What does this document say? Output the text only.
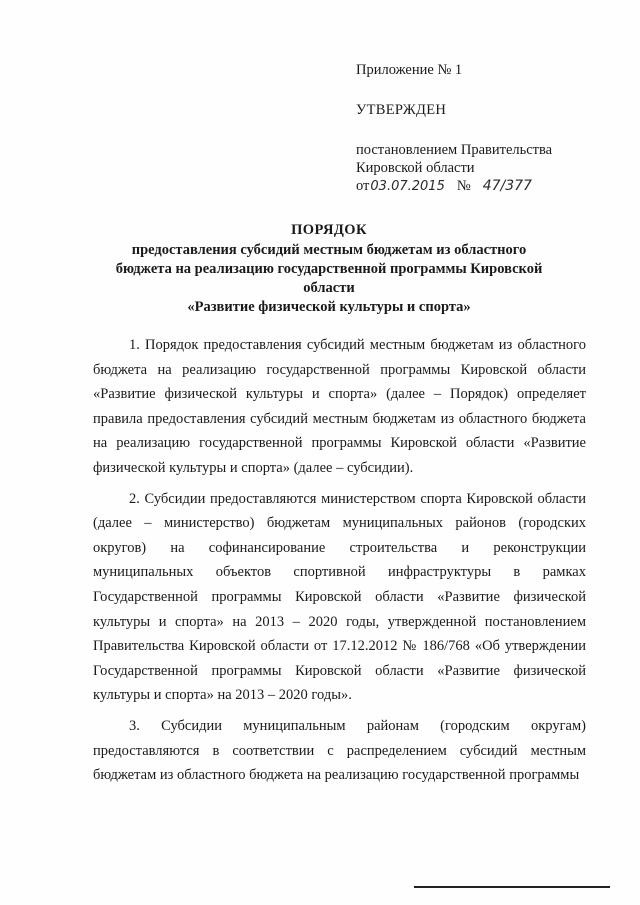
Приложение № 1
УТВЕРЖДЕН
постановлением Правительства
Кировской области
от03.07.2015 № 47/377
ПОРЯДОК
предоставления субсидий местным бюджетам из областного
бюджета на реализацию государственной программы Кировской области
«Развитие физической культуры и спорта»

1. Порядок предоставления субсидий местным бюджетам из областного бюджета на реализацию государственной программы Кировской области «Развитие физической культуры и спорта» (далее – Порядок) определяет правила предоставления субсидий местным бюджетам из областного бюджета на реализацию государственной программы Кировской области «Развитие физической культуры и спорта» (далее – субсидии).

2. Субсидии предоставляются министерством спорта Кировской области (далее – министерство) бюджетам муниципальных районов (городских округов) на софинансирование строительства и реконструкции муниципальных объектов спортивной инфраструктуры в рамках Государственной программы Кировской области «Развитие физической культуры и спорта» на 2013 – 2020 годы, утвержденной постановлением Правительства Кировской области от 17.12.2012 № 186/768 «Об утверждении Государственной программы Кировской области «Развитие физической культуры и спорта» на 2013 – 2020 годы».

3. Субсидии муниципальным районам (городским округам) предоставляются в соответствии с распределением субсидий местным бюджетам из областного бюджета на реализацию государственной программы
